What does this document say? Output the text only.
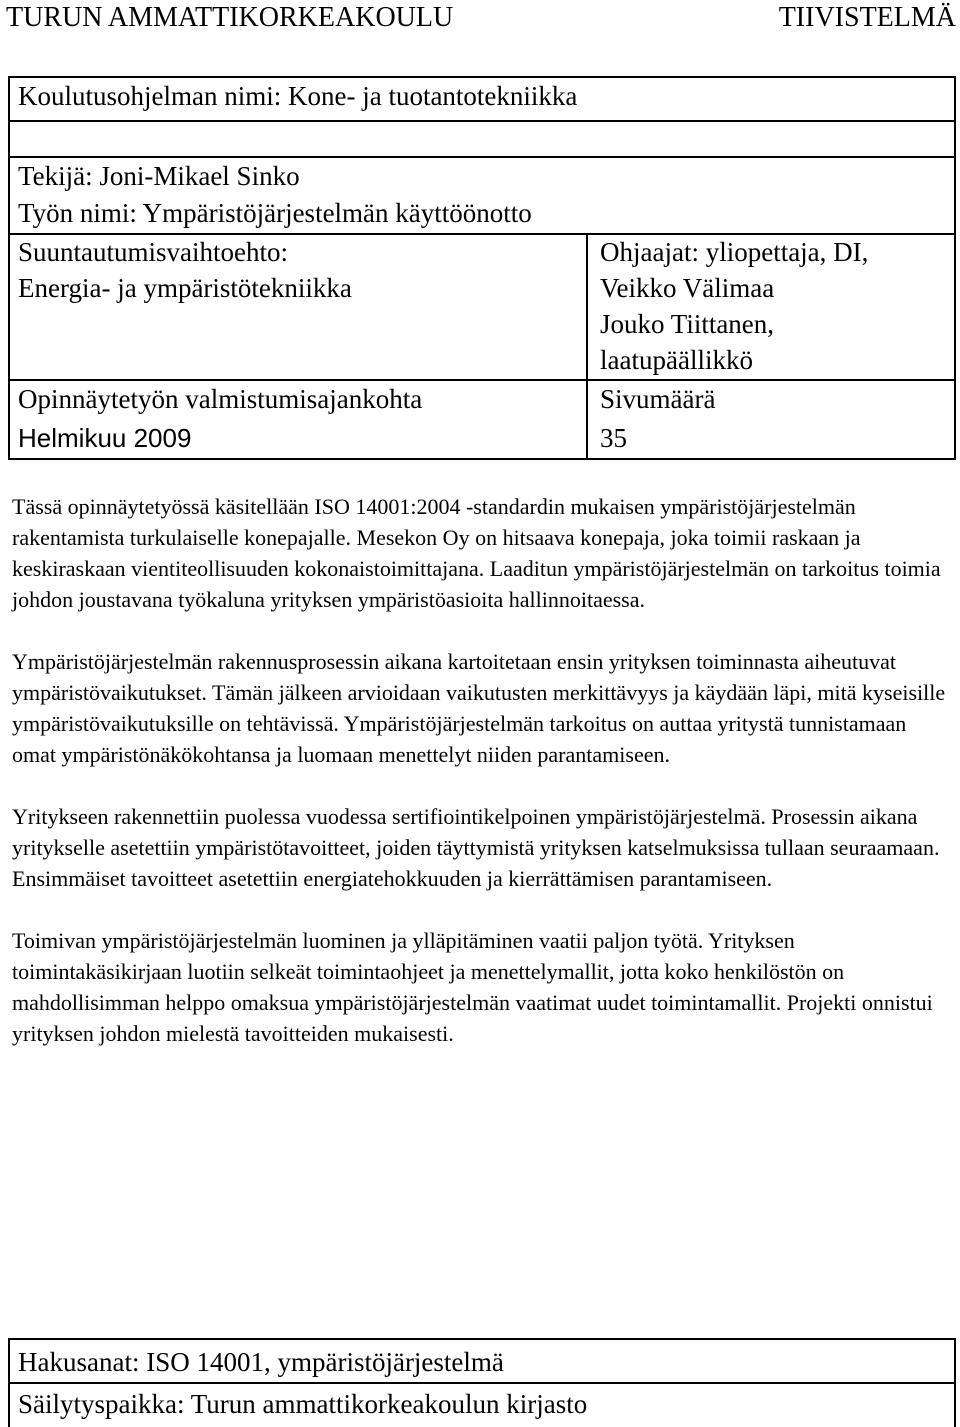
TURUN AMMATTIKORKEAKOULU	TIIVISTELMÄ
Koulutusohjelman nimi: Kone- ja tuotantotekniikka
Tekijä: Joni-Mikael Sinko
Työn nimi: Ympäristöjärjestelmän käyttöönotto
Suuntautumisvaihtoehto:
Energia- ja ympäristötekniikka
Opinnäytetyön valmistumisajankohta
Helmikuu 2009
Ohjaajat: yliopettaja, DI,
Veikko Välimaa
Jouko Tiittanen,
laatupäällikkö
Sivumäärä
35

Tässä opinnäytetyössä käsitellään ISO 14001:2004 -standardin mukaisen ympäristöjärjestelmän rakentamista turkulaiselle konepajalle. Mesekon Oy on hitsaava konepaja, joka toimii raskaan ja keskiraskaan vientiteollisuuden kokonaistoimittajana. Laaditun ympäristöjärjestelmän on tarkoitus toimia johdon joustavana työkaluna yrityksen ympäristöasioita hallinnoitaessa.

Ympäristöjärjestelmän rakennusprosessin aikana kartoitetaan ensin yrityksen toiminnasta aiheutuvat ympäristövaikutukset. Tämän jälkeen arvioidaan vaikutusten merkittävyys ja käydään läpi, mitä kyseisille ympäristövaikutuksille on tehtävissä. Ympäristöjärjestelmän tarkoitus on auttaa yritystä tunnistamaan omat ympäristönäkökohtansa ja luomaan menettelyt niiden parantamiseen.

Yritykseen rakennettiin puolessa vuodessa sertifiointikelpoinen ympäristöjärjestelmä. Prosessin aikana yritykselle asetettiin ympäristötavoitteet, joiden täyttymistä yrityksen katselmuksissa tullaan seuraamaan. Ensimmäiset tavoitteet asetettiin energiatehokkuuden ja kierrättämisen parantamiseen.

Toimivan ympäristöjärjestelmän luominen ja ylläpitäminen vaatii paljon työtä. Yrityksen toimintakäsikirjaan luotiin selkeät toimintaohjeet ja menettelymallit, jotta koko henkilöstön on mahdollisimman helppo omaksua ympäristöjärjestelmän vaatimat uudet toimintamallit. Projekti onnistui yrityksen johdon mielestä tavoitteiden mukaisesti.

Hakusanat: ISO 14001, ympäristöjärjestelmä
Säilytyspaikka: Turun ammattikorkeakoulun kirjasto
